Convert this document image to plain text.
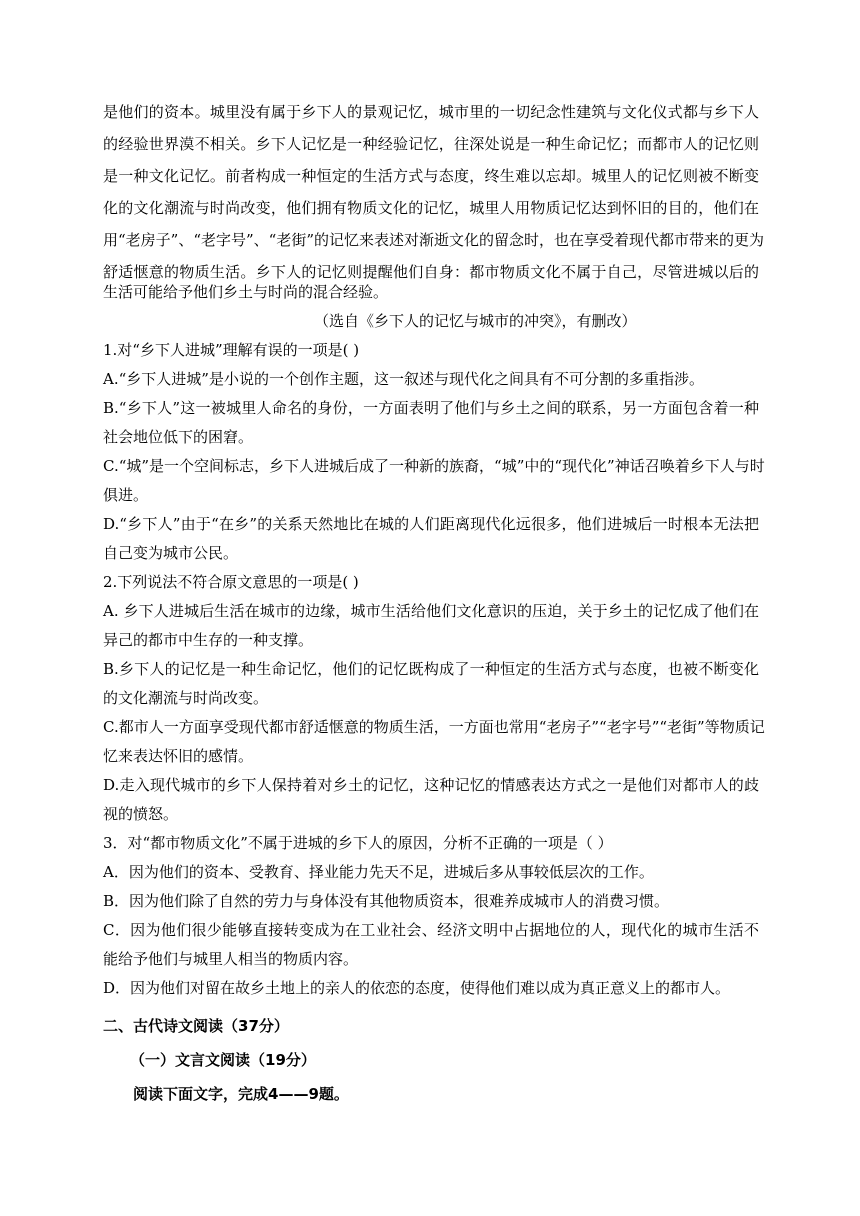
是他们的资本。城里没有属于乡下人的景观记忆，城市里的一切纪念性建筑与文化仪式都与乡下人
的经验世界漠不相关。乡下人记忆是一种经验记忆，往深处说是一种生命记忆；而都市人的记忆则
是一种文化记忆。前者构成一种恒定的生活方式与态度，终生难以忘却。城里人的记忆则被不断变
化的文化潮流与时尚改变，他们拥有物质文化的记忆，城里人用物质记忆达到怀旧的目的，他们在
用“老房子”、“老字号”、“老街”的记忆来表述对渐逝文化的留念时，也在享受着现代都市带来的更为
舒适惬意的物质生活。乡下人的记忆则提醒他们自身：都市物质文化不属于自己，尽管进城以后的
生活可能给予他们乡土与时尚的混合经验。
（选自《乡下人的记忆与城市的冲突》，有删改）
1.对“乡下人进城”理解有误的一项是( )
A.“乡下人进城”是小说的一个创作主题，这一叙述与现代化之间具有不可分割的多重指涉。
B.“乡下人”这一被城里人命名的身份，一方面表明了他们与乡土之间的联系，另一方面包含着一种
社会地位低下的困窘。
C.“城”是一个空间标志，乡下人进城后成了一种新的族裔，“城”中的“现代化”神话召唤着乡下人与时
俱进。
D.“乡下人”由于“在乡”的关系天然地比在城的人们距离现代化远很多，他们进城后一时根本无法把
自己变为城市公民。
2.下列说法不符合原文意思的一项是( )
A. 乡下人进城后生活在城市的边缘，城市生活给他们文化意识的压迫，关于乡土的记忆成了他们在
异己的都市中生存的一种支撑。
B.乡下人的记忆是一种生命记忆，他们的记忆既构成了一种恒定的生活方式与态度，也被不断变化
的文化潮流与时尚改变。
C.都市人一方面享受现代都市舒适惬意的物质生活，一方面也常用“老房子”“老字号”“老街”等物质记
忆来表达怀旧的感情。
D.走入现代城市的乡下人保持着对乡土的记忆，这种记忆的情感表达方式之一是他们对都市人的歧
视的愤怒。
3．对“都市物质文化”不属于进城的乡下人的原因，分析不正确的一项是（ ）
A．因为他们的资本、受教育、择业能力先天不足，进城后多从事较低层次的工作。
B．因为他们除了自然的劳力与身体没有其他物质资本，很难养成城市人的消费习惯。
C．因为他们很少能够直接转变成为在工业社会、经济文明中占据地位的人，现代化的城市生活不
能给予他们与城里人相当的物质内容。
D．因为他们对留在故乡土地上的亲人的依恋的态度，使得他们难以成为真正意义上的都市人。
二、古代诗文阅读（37分）
（一）文言文阅读（19分）
阅读下面文字，完成4——9题。
